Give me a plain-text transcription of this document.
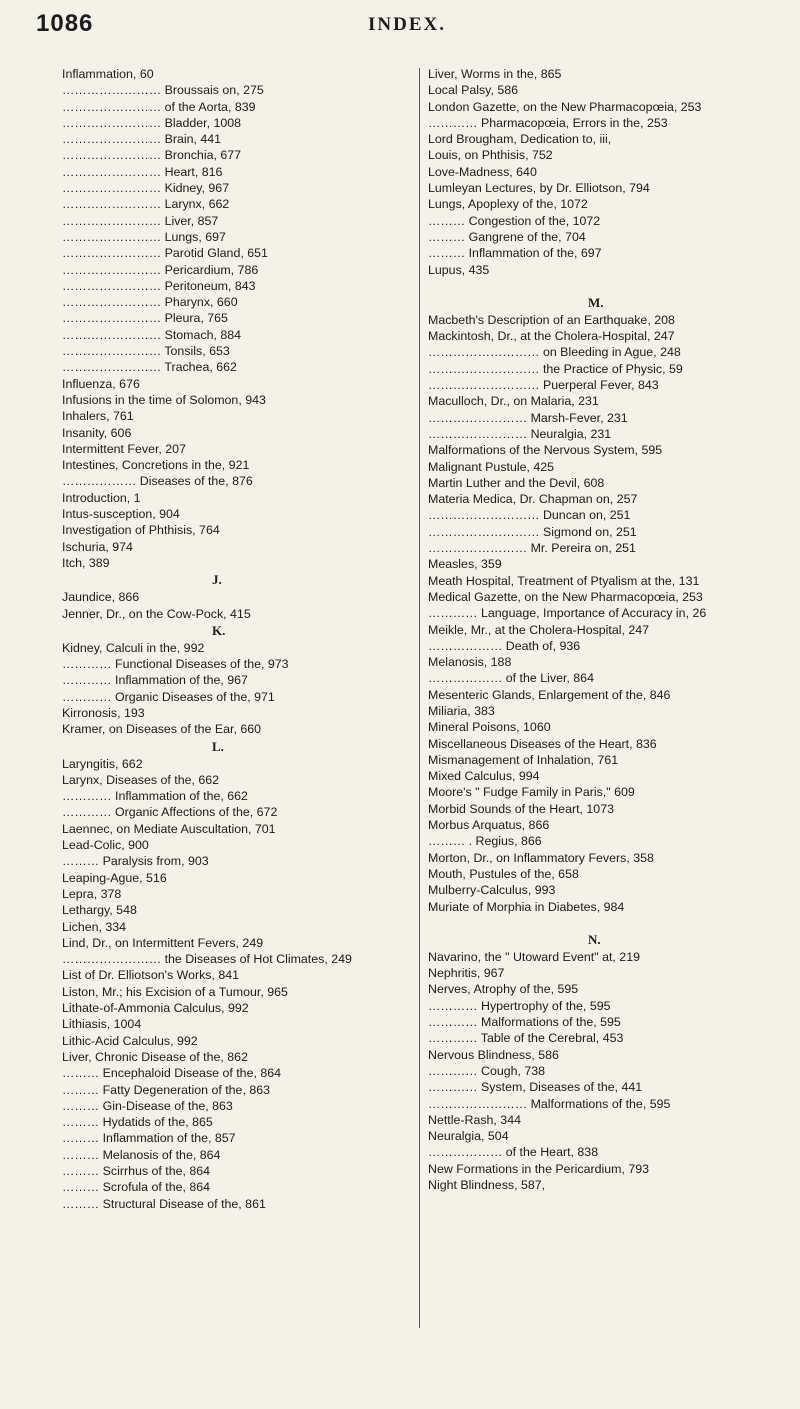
1086	INDEX.
Inflammation, 60
…………………… Broussais on, 275
…………………… of the Aorta, 839
…………………… Bladder, 1008
…………………… Brain, 441
…………………… Bronchia, 677
…………………… Heart, 816
…………………… Kidney, 967
…………………… Larynx, 662
…………………… Liver, 857
…………………… Lungs, 697
…………………… Parotid Gland, 651
…………………… Pericardium, 786
…………………… Peritoneum, 843
…………………… Pharynx, 660
…………………… Pleura, 765
…………………… Stomach, 884
…………………… Tonsils, 653
…………………… Trachea, 662
Influenza, 676
Infusions in the time of Solomon, 943
Inhalers, 761
Insanity, 606
Intermittent Fever, 207
Intestines, Concretions in the, 921
……………… Diseases of the, 876
Introduction, 1
Intus-susception, 904
Investigation of Phthisis, 764
Ischuria, 974
Itch, 389
J.
Jaundice, 866
Jenner, Dr., on the Cow-Pock, 415
K.
Kidney, Calculi in the, 992
………… Functional Diseases of the, 973
………… Inflammation of the, 967
………… Organic Diseases of the, 971
Kirronosis, 193
Kramer, on Diseases of the Ear, 660
L.
Laryngitis, 662
Larynx, Diseases of the, 662
………… Inflammation of the, 662
………… Organic Affections of the, 672
Laennec, on Mediate Auscultation, 701
Lead-Colic, 900
……… Paralysis from, 903
Leaping-Ague, 516
Lepra, 378
Lethargy, 548
Lichen, 334
Lind, Dr., on Intermittent Fevers, 249
…………………… the Diseases of Hot Climates, 249
List of Dr. Elliotson's Works, 841
Liston, Mr.; his Excision of a Tumour, 965
Lithate-of-Ammonia Calculus, 992
Lithiasis, 1004
Lithic-Acid Calculus, 992
Liver, Chronic Disease of the, 862
……… Encephaloid Disease of the, 864
……… Fatty Degeneration of the, 863
……… Gin-Disease of the, 863
……… Hydatids of the, 865
……… Inflammation of the, 857
……… Melanosis of the, 864
……… Scirrhus of the, 864
……… Scrofula of the, 864
……… Structural Disease of the, 861
Liver, Worms in the, 865
Local Palsy, 586
London Gazette, on the New Pharmacopœia, 253
………… Pharmacopœia, Errors in the, 253
Lord Brougham, Dedication to, iii,
Louis, on Phthisis, 752
Love-Madness, 640
Lumleyan Lectures, by Dr. Elliotson, 794
Lungs, Apoplexy of the, 1072
……… Congestion of the, 1072
……… Gangrene of the, 704
……… Inflammation of the, 697
Lupus, 435
M.
Macbeth's Description of an Earthquake, 208
Mackintosh, Dr., at the Cholera-Hospital, 247
……………………… on Bleeding in Ague, 248
……………………… the Practice of Physic, 59
……………………… Puerperal Fever, 843
Maculloch, Dr., on Malaria, 231
…………………… Marsh-Fever, 231
…………………… Neuralgia, 231
Malformations of the Nervous System, 595
Malignant Pustule, 425
Martin Luther and the Devil, 608
Materia Medica, Dr. Chapman on, 257
……………………… Duncan on, 251
……………………… Sigmond on, 251
…………………… Mr. Pereira on, 251
Measles, 359
Meath Hospital, Treatment of Ptyalism at the, 131
Medical Gazette, on the New Pharmacopœia, 253
………… Language, Importance of Accuracy in, 26
Meikle, Mr., at the Cholera-Hospital, 247
……………… Death of, 936
Melanosis, 188
……………… of the Liver, 864
Mesenteric Glands, Enlargement of the, 846
Miliaria, 383
Mineral Poisons, 1060
Miscellaneous Diseases of the Heart, 836
Mismanagement of Inhalation, 761
Mixed Calculus, 994
Moore's " Fudge Family in Paris," 609
Morbid Sounds of the Heart, 1073
Morbus Arquatus, 866
……… . Regius, 866
Morton, Dr., on Inflammatory Fevers, 358
Mouth, Pustules of the, 658
Mulberry-Calculus, 993
Muriate of Morphia in Diabetes, 984
N.
Navarino, the " Utoward Event" at, 219
Nephritis, 967
Nerves, Atrophy of the, 595
………… Hypertrophy of the, 595
………… Malformations of the, 595
………… Table of the Cerebral, 453
Nervous Blindness, 586
………… Cough, 738
………… System, Diseases of the, 441
…………………… Malformations of the, 595
Nettle-Rash, 344
Neuralgia, 504
……………… of the Heart, 838
New Formations in the Pericardium, 793
Night Blindness, 587,
